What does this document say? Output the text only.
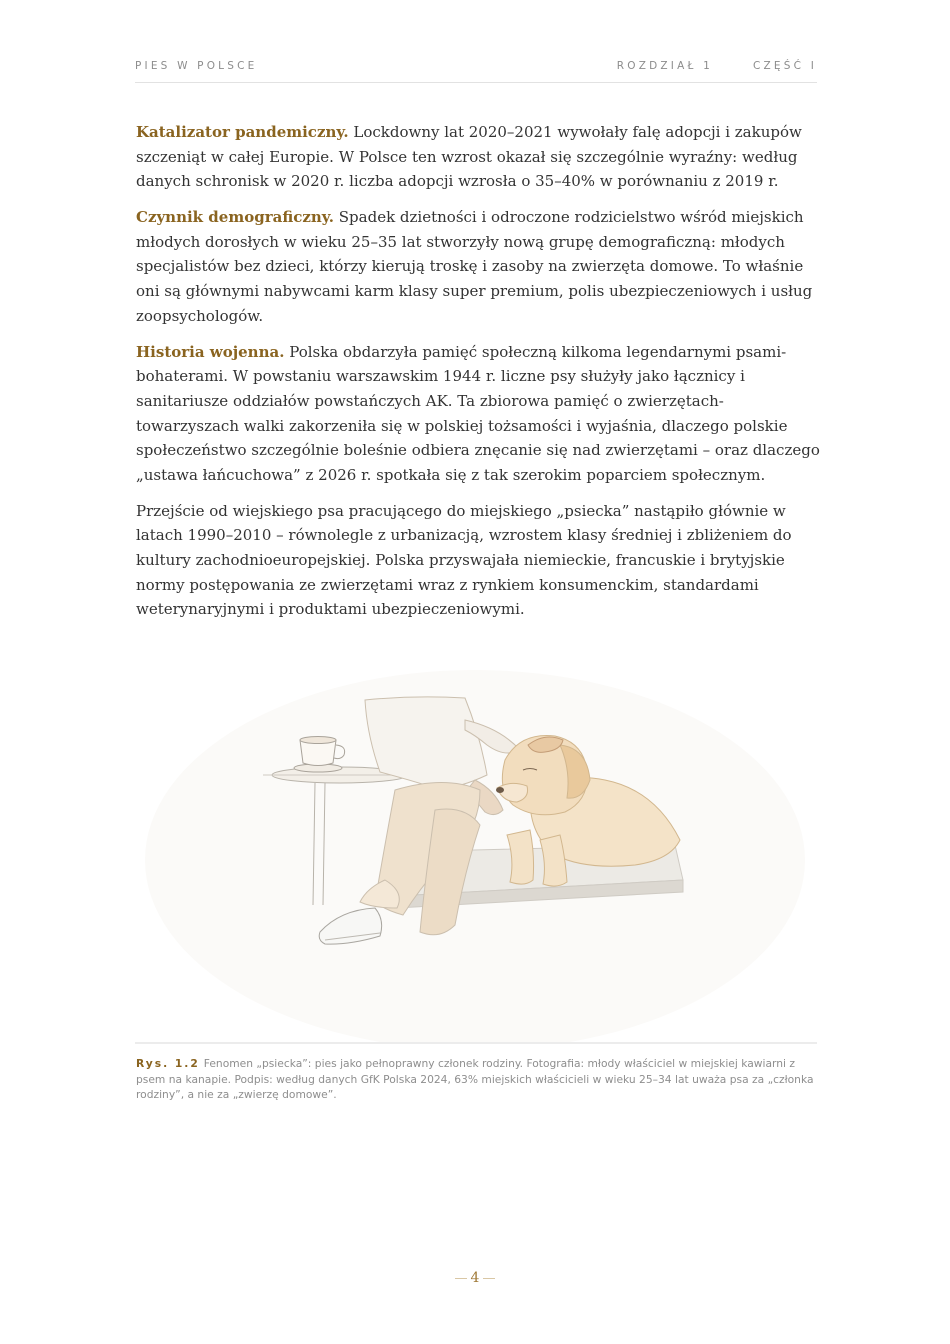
PIES W POLSCE	ROZDZIAŁ 1	CZĘŚĆ I

Katalizator pandemiczny. Lockdowny lat 2020–2021 wywołały falę adopcji i zakupów szczeniąt w całej Europie. W Polsce ten wzrost okazał się szczególnie wyraźny: według danych schronisk w 2020 r. liczba adopcji wzrosła o 35–40% w porównaniu z 2019 r.

Czynnik demograficzny. Spadek dzietności i odroczone rodzicielstwo wśród miejskich młodych dorosłych w wieku 25–35 lat stworzyły nową grupę demograficzną: młodych specjalistów bez dzieci, którzy kierują troskę i zasoby na zwierzęta domowe. To właśnie oni są głównymi nabywcami karm klasy super premium, polis ubezpieczeniowych i usług zoopsychologów.

Historia wojenna. Polska obdarzyła pamięć społeczną kilkoma legendarnymi psami-bohaterami. W powstaniu warszawskim 1944 r. liczne psy służyły jako łącznicy i sanitariusze oddziałów powstańczych AK. Ta zbiorowa pamięć o zwierzętach-towarzyszach walki zakorzeniła się w polskiej tożsamości i wyjaśnia, dlaczego polskie społeczeństwo szczególnie boleśnie odbiera znęcanie się nad zwierzętami – oraz dlaczego „ustawa łańcuchowa” z 2026 r. spotkała się z tak szerokim poparciem społecznym.

Przejście od wiejskiego psa pracującego do miejskiego „psiecka” nastąpiło głównie w latach 1990–2010 – równolegle z urbanizacją, wzrostem klasy średniej i zbliżeniem do kultury zachodnioeuropejskiej. Polska przyswajała niemieckie, francuskie i brytyjskie normy postępowania ze zwierzętami wraz z rynkiem konsumenckim, standardami weterynaryjnymi i produktami ubezpieczeniowymi.

Rys. 1.2 Fenomen „psiecka”: pies jako pełnoprawny członek rodziny. Fotografia: młody właściciel w miejskiej kawiarni z psem na kanapie. Podpis: według danych GfK Polska 2024, 63% miejskich właścicieli w wieku 25–34 lat uważa psa za „członka rodziny”, a nie za „zwierzę domowe”.
4
